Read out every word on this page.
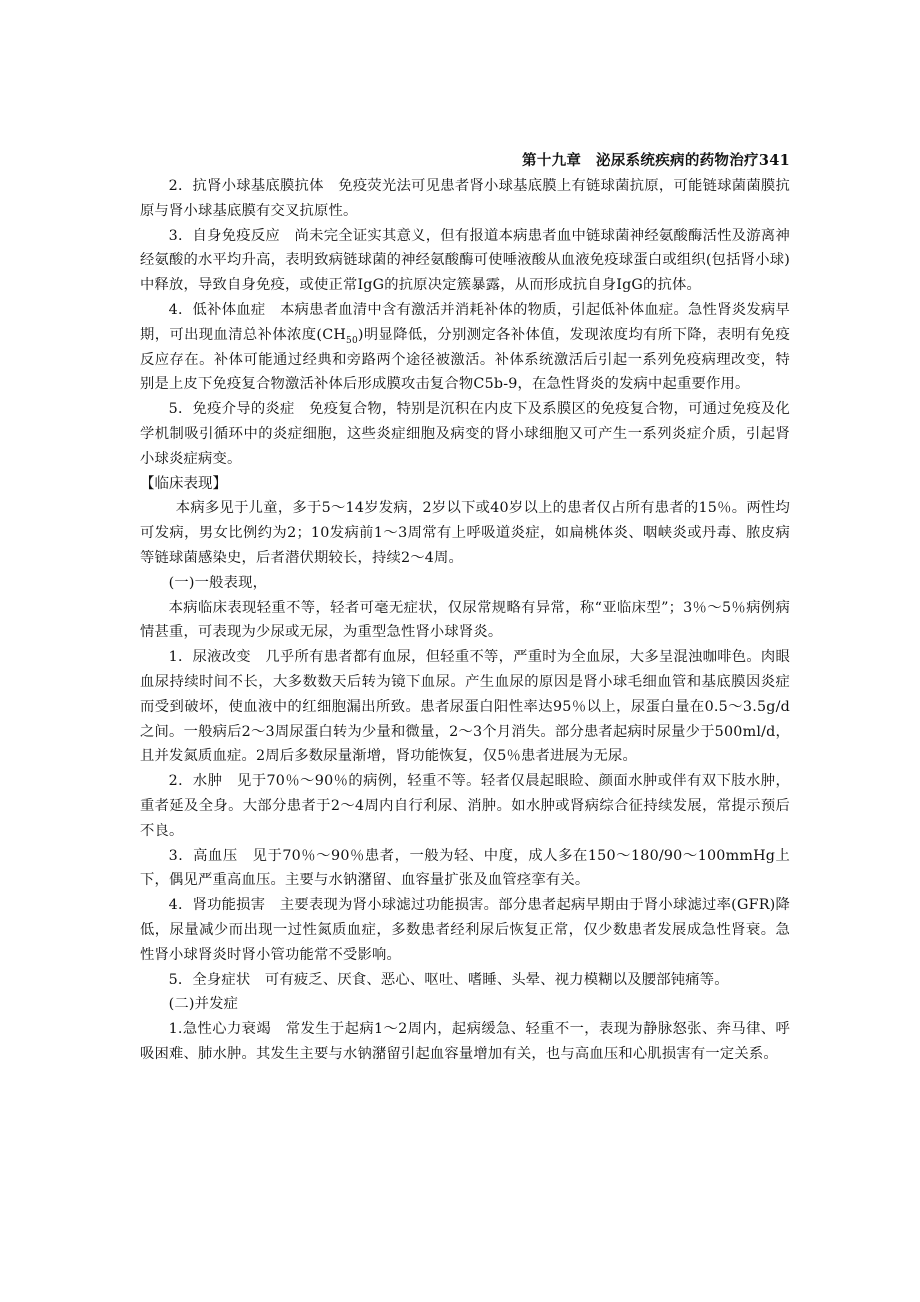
第十九章　泌尿系统疾病的药物治疗341

2．抗肾小球基底膜抗体　免疫荧光法可见患者肾小球基底膜上有链球菌抗原，可能链球菌菌膜抗原与肾小球基底膜有交叉抗原性。

3．自身免疫反应　尚未完全证实其意义，但有报道本病患者血中链球菌神经氨酸酶活性及游离神经氨酸的水平均升高，表明致病链球菌的神经氨酸酶可使唾液酸从血液免疫球蛋白或组织(包括肾小球)中释放，导致自身免疫，或使正常IgG的抗原决定簇暴露，从而形成抗自身IgG的抗体。

4．低补体血症　本病患者血清中含有激活并消耗补体的物质，引起低补体血症。急性肾炎发病早期，可出现血清总补体浓度$(CH_{50})$明显降低，分别测定各补体值，发现浓度均有所下降，表明有免疫反应存在。补体可能通过经典和旁路两个途径被激活。补体系统激活后引起一系列免疫病理改变，特别是上皮下免疫复合物激活补体后形成膜攻击复合物C5b-9，在急性肾炎的发病中起重要作用。

5．免疫介导的炎症　免疫复合物，特别是沉积在内皮下及系膜区的免疫复合物，可通过免疫及化学机制吸引循环中的炎症细胞，这些炎症细胞及病变的肾小球细胞又可产生一系列炎症介质，引起肾小球炎症病变。

【临床表现】

本病多见于儿童，多于5～14岁发病，2岁以下或40岁以上的患者仅占所有患者的15％。两性均可发病，男女比例约为2；10发病前1～3周常有上呼吸道炎症，如扁桃体炎、咽峡炎或丹毒、脓皮病等链球菌感染史，后者潜伏期较长，持续2～4周。

(一)一般表现，

本病临床表现轻重不等，轻者可毫无症状，仅尿常规略有异常，称“亚临床型”；3％～5％病例病情甚重，可表现为少尿或无尿，为重型急性肾小球肾炎。

1．尿液改变　几乎所有患者都有血尿，但轻重不等，严重时为全血尿，大多呈混浊咖啡色。肉眼血尿持续时间不长，大多数数天后转为镜下血尿。产生血尿的原因是肾小球毛细血管和基底膜因炎症而受到破坏，使血液中的红细胞漏出所致。患者尿蛋白阳性率达95％以上，尿蛋白量在0.5～3.5g/d之间。一般病后2～3周尿蛋白转为少量和微量，2～3个月消失。部分患者起病时尿量少于500ml/d，且并发氮质血症。2周后多数尿量渐增，肾功能恢复，仅5％患者进展为无尿。

2．水肿　见于70％～90％的病例，轻重不等。轻者仅晨起眼睑、颜面水肿或伴有双下肢水肿，重者延及全身。大部分患者于2～4周内自行利尿、消肿。如水肿或肾病综合征持续发展，常提示预后不良。

3．高血压　见于70％～90％患者，一般为轻、中度，成人多在150～180/90～100mmHg上下，偶见严重高血压。主要与水钠潴留、血容量扩张及血管痉挛有关。

4．肾功能损害　主要表现为肾小球滤过功能损害。部分患者起病早期由于肾小球滤过率(GFR)降低，尿量减少而出现一过性氮质血症，多数患者经利尿后恢复正常，仅少数患者发展成急性肾衰。急性肾小球肾炎时肾小管功能常不受影响。

5．全身症状　可有疲乏、厌食、恶心、呕吐、嗜睡、头晕、视力模糊以及腰部钝痛等。

(二)并发症

1.急性心力衰竭　常发生于起病1～2周内，起病缓急、轻重不一，表现为静脉怒张、奔马律、呼吸困难、肺水肿。其发生主要与水钠潴留引起血容量增加有关，也与高血压和心肌损害有一定关系。
